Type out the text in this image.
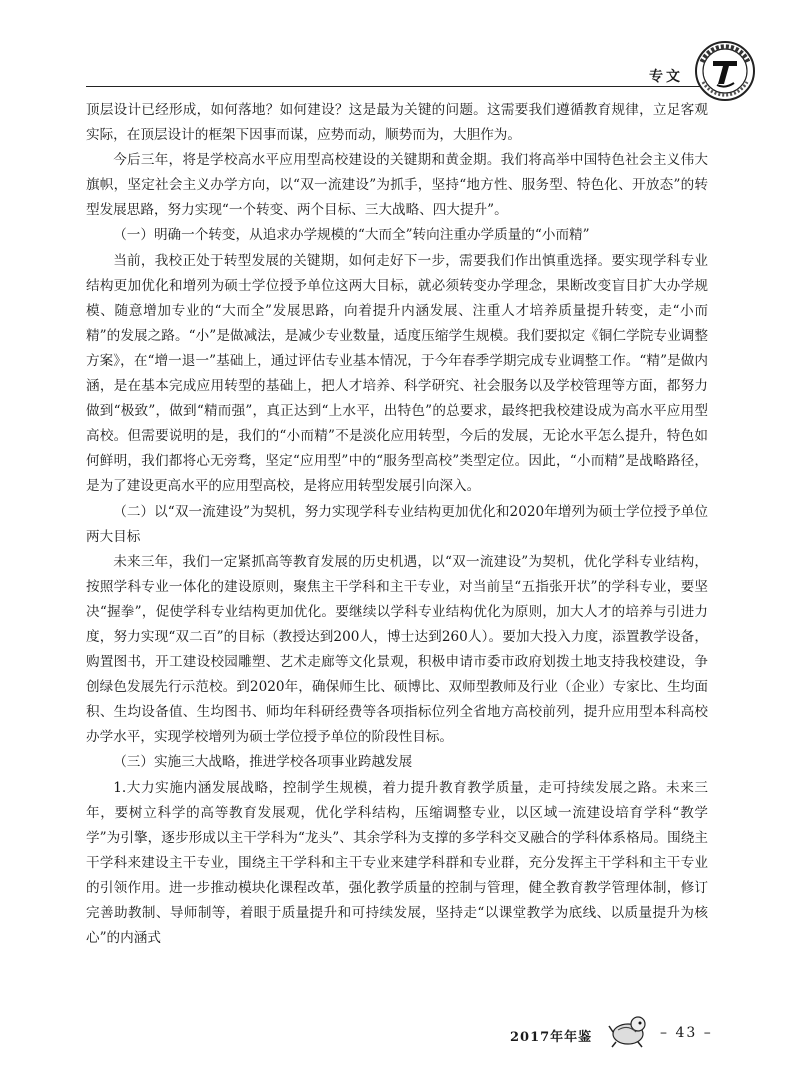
专文

顶层设计已经形成，如何落地？如何建设？这是最为关键的问题。这需要我们遵循教育规律，立足客观实际，在顶层设计的框架下因事而谋，应势而动，顺势而为，大胆作为。

今后三年，将是学校高水平应用型高校建设的关键期和黄金期。我们将高举中国特色社会主义伟大旗帜，坚定社会主义办学方向，以“双一流建设”为抓手，坚持“地方性、服务型、特色化、开放态”的转型发展思路，努力实现“一个转变、两个目标、三大战略、四大提升”。

（一）明确一个转变，从追求办学规模的“大而全”转向注重办学质量的“小而精”

当前，我校正处于转型发展的关键期，如何走好下一步，需要我们作出慎重选择。要实现学科专业结构更加优化和增列为硕士学位授予单位这两大目标，就必须转变办学理念，果断改变盲目扩大办学规模、随意增加专业的“大而全”发展思路，向着提升内涵发展、注重人才培养质量提升转变，走“小而精”的发展之路。“小”是做减法，是减少专业数量，适度压缩学生规模。我们要拟定《铜仁学院专业调整方案》，在“增一退一”基础上，通过评估专业基本情况，于今年春季学期完成专业调整工作。“精”是做内涵，是在基本完成应用转型的基础上，把人才培养、科学研究、社会服务以及学校管理等方面，都努力做到“极致”，做到“精而强”，真正达到“上水平，出特色”的总要求，最终把我校建设成为高水平应用型高校。但需要说明的是，我们的“小而精”不是淡化应用转型，今后的发展，无论水平怎么提升，特色如何鲜明，我们都将心无旁骛，坚定“应用型”中的“服务型高校”类型定位。因此，“小而精”是战略路径，是为了建设更高水平的应用型高校，是将应用转型发展引向深入。

（二）以“双一流建设”为契机，努力实现学科专业结构更加优化和2020年增列为硕士学位授予单位两大目标

未来三年，我们一定紧抓高等教育发展的历史机遇，以“双一流建设”为契机，优化学科专业结构，按照学科专业一体化的建设原则，聚焦主干学科和主干专业，对当前呈“五指张开状”的学科专业，要坚决“握拳”，促使学科专业结构更加优化。要继续以学科专业结构优化为原则，加大人才的培养与引进力度，努力实现“双二百”的目标（教授达到200人，博士达到260人）。要加大投入力度，添置教学设备，购置图书，开工建设校园雕塑、艺术走廊等文化景观，积极申请市委市政府划拨土地支持我校建设，争创绿色发展先行示范校。到2020年，确保师生比、硕博比、双师型教师及行业（企业）专家比、生均面积、生均设备值、生均图书、师均年科研经费等各项指标位列全省地方高校前列，提升应用型本科高校办学水平，实现学校增列为硕士学位授予单位的阶段性目标。

（三）实施三大战略，推进学校各项事业跨越发展

1.大力实施内涵发展战略，控制学生规模，着力提升教育教学质量，走可持续发展之路。未来三年，要树立科学的高等教育发展观，优化学科结构，压缩调整专业，以区域一流建设培育学科“教学学”为引擎，逐步形成以主干学科为“龙头”、其余学科为支撑的多学科交叉融合的学科体系格局。围绕主干学科来建设主干专业，围绕主干学科和主干专业来建学科群和专业群，充分发挥主干学科和主干专业的引领作用。进一步推动模块化课程改革，强化教学质量的控制与管理，健全教育教学管理体制，修订完善助教制、导师制等，着眼于质量提升和可持续发展，坚持走“以课堂教学为底线、以质量提升为核心”的内涵式

2017年年鉴	– 43 –
